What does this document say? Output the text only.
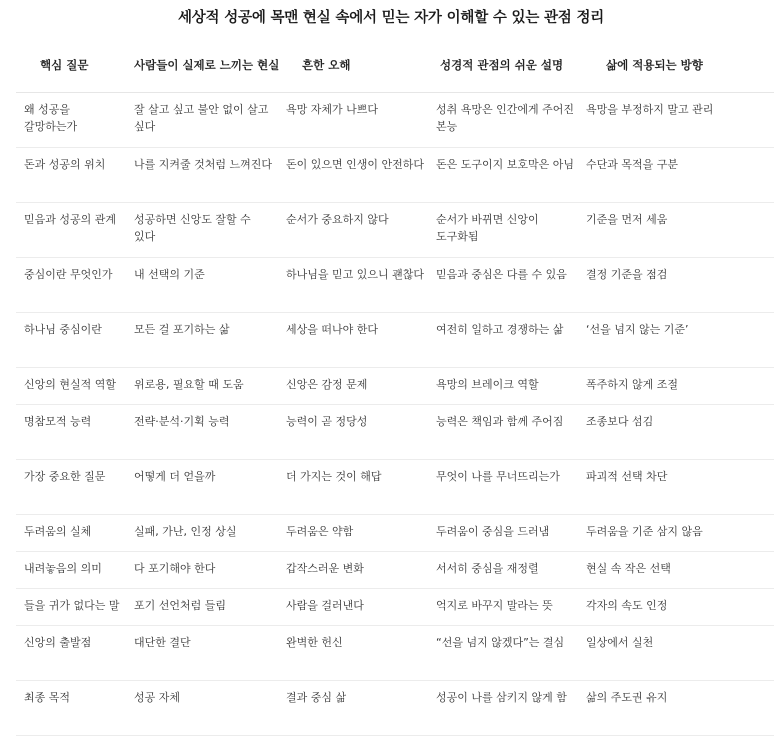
세상적 성공에 목맨 현실 속에서 믿는 자가 이해할 수 있는 관점 정리
핵심 질문	사람들이 실제로 느끼는 현실	흔한 오해	성경적 관점의 쉬운 설명	삶에 적용되는 방향
왜 성공을 갈망하는가	잘 살고 싶고 불안 없이 살고 싶다	욕망 자체가 나쁘다	성취 욕망은 인간에게 주어진 본능	욕망을 부정하지 말고 관리
돈과 성공의 위치	나를 지켜줄 것처럼 느껴진다	돈이 있으면 인생이 안전하다	돈은 도구이지 보호막은 아님	수단과 목적을 구분
믿음과 성공의 관계	성공하면 신앙도 잘할 수 있다	순서가 중요하지 않다	순서가 바뀌면 신앙이 도구화됨	기준을 먼저 세움
중심이란 무엇인가	내 선택의 기준	하나님을 믿고 있으니 괜찮다	믿음과 중심은 다를 수 있음	결정 기준을 점검
하나님 중심이란	모든 걸 포기하는 삶	세상을 떠나야 한다	여전히 일하고 경쟁하는 삶	‘선을 넘지 않는 기준’
신앙의 현실적 역할	위로용, 필요할 때 도움	신앙은 감정 문제	욕망의 브레이크 역할	폭주하지 않게 조절
명참모적 능력	전략·분석·기획 능력	능력이 곧 정당성	능력은 책임과 함께 주어짐	조종보다 섬김
가장 중요한 질문	어떻게 더 얻을까	더 가지는 것이 해답	무엇이 나를 무너뜨리는가	파괴적 선택 차단
두려움의 실체	실패, 가난, 인정 상실	두려움은 약함	두려움이 중심을 드러냄	두려움을 기준 삼지 않음
내려놓음의 의미	다 포기해야 한다	갑작스러운 변화	서서히 중심을 재정렬	현실 속 작은 선택
들을 귀가 없다는 말	포기 선언처럼 들림	사람을 걸러낸다	억지로 바꾸지 말라는 뜻	각자의 속도 인정
신앙의 출발점	대단한 결단	완벽한 헌신	“선을 넘지 않겠다”는 결심	일상에서 실천
최종 목적	성공 자체	결과 중심 삶	성공이 나를 삼키지 않게 함	삶의 주도권 유지
